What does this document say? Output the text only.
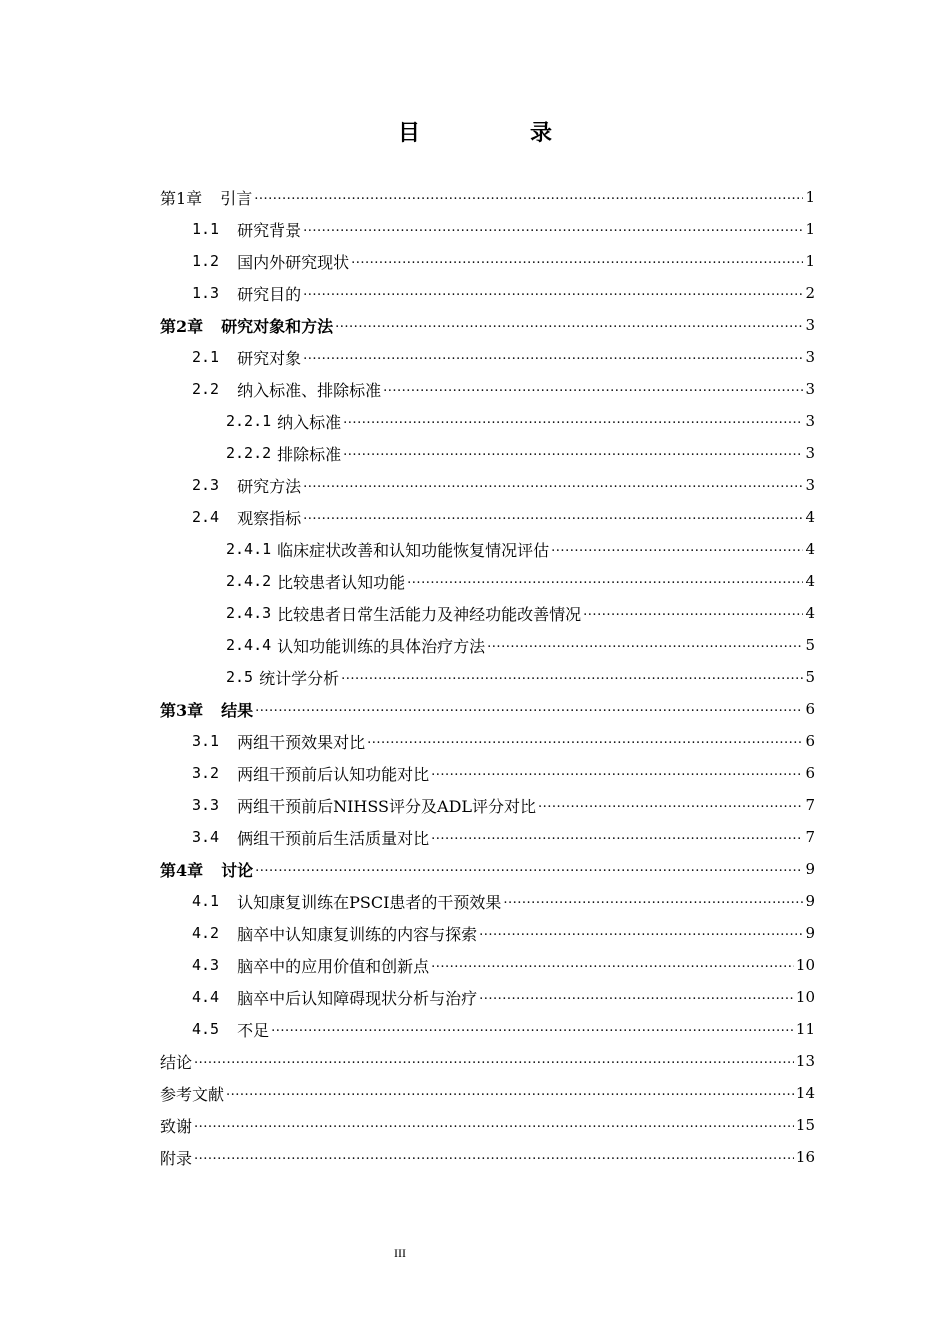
目　录
第1章 引言 .....	1
1.1 研究背景 .....	1
1.2 国内外研究现状 .....	1
1.3 研究目的 .....	2
第2章 研究对象和方法 .....	3
2.1 研究对象 .....	3
2.2 纳入标准、排除标准 .....	3
2.2.1 纳入标准 .....	3
2.2.2 排除标准 .....	3
2.3 研究方法 .....	3
2.4 观察指标 .....	4
2.4.1 临床症状改善和认知功能恢复情况评估 .....	4
2.4.2 比较患者认知功能 .....	4
2.4.3 比较患者日常生活能力及神经功能改善情况 .....	4
2.4.4 认知功能训练的具体治疗方法 .....	5
2.5 统计学分析 .....	5
第3章 结果 .....	6
3.1 两组干预效果对比 .....	6
3.2 两组干预前后认知功能对比 .....	6
3.3 两组干预前后NIHSS评分及ADL评分对比 .....	7
3.4 俩组干预前后生活质量对比 .....	7
第4章 讨论 .....	9
4.1 认知康复训练在PSCI患者的干预效果 .....	9
4.2 脑卒中认知康复训练的内容与探索 .....	9
4.3 脑卒中的应用价值和创新点 .....	10
4.4 脑卒中后认知障碍现状分析与治疗 .....	10
4.5 不足 .....	11
结论 .....	13
参考文献 .....	14
致谢 .....	15
附录 .....	16
III
